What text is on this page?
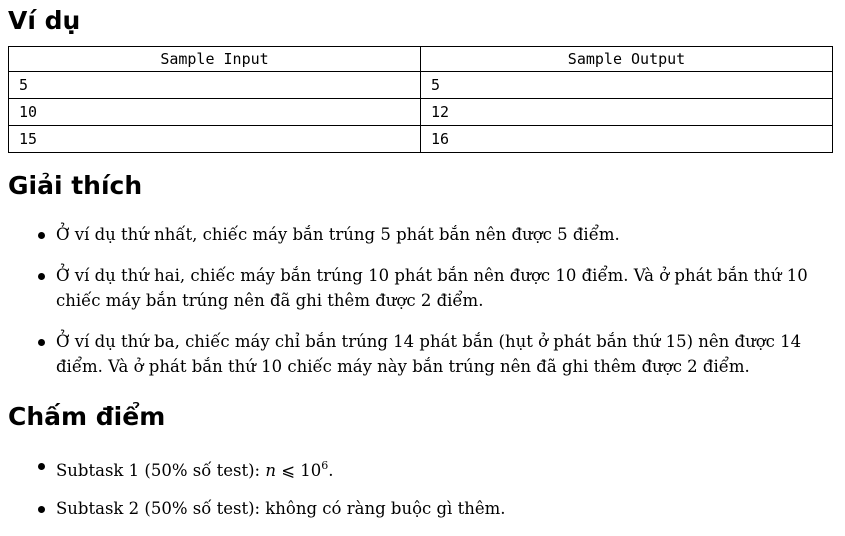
Ví dụ
Sample Input	Sample Output
5	5
10	12
15	16
Giải thích
Ở ví dụ thứ nhất, chiếc máy bắn trúng 5 phát bắn nên được 5 điểm.
Ở ví dụ thứ hai, chiếc máy bắn trúng 10 phát bắn nên được 10 điểm. Và ở phát bắn thứ 10 chiếc máy bắn trúng nên đã ghi thêm được 2 điểm.
Ở ví dụ thứ ba, chiếc máy chỉ bắn trúng 14 phát bắn (hụt ở phát bắn thứ 15) nên được 14 điểm. Và ở phát bắn thứ 10 chiếc máy này bắn trúng nên đã ghi thêm được 2 điểm.
Chấm điểm
Subtask 1 (50% số test): n ⩽ $10^6$.
Subtask 2 (50% số test): không có ràng buộc gì thêm.
